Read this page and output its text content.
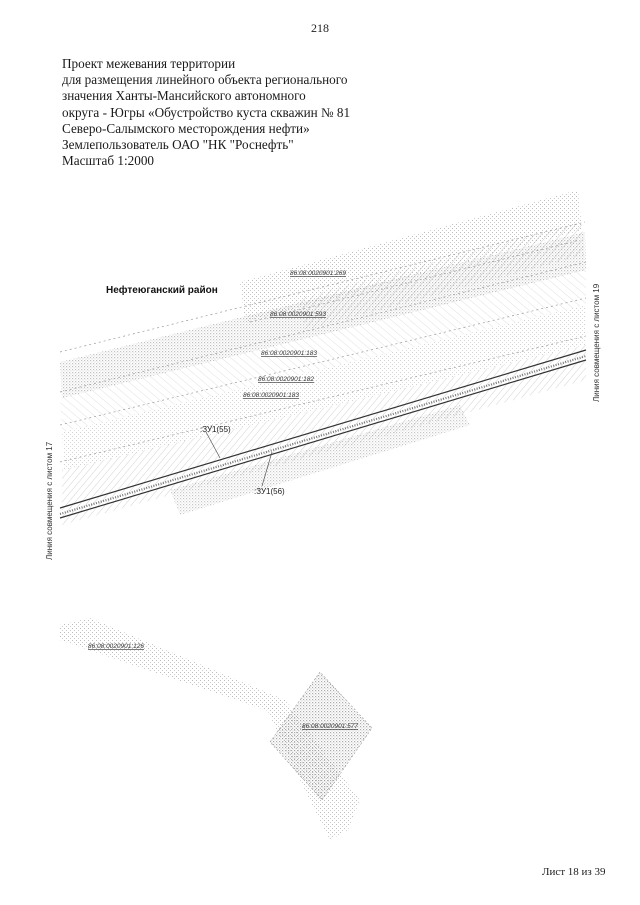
218
Проект межевания территории
для размещения линейного объекта регионального
значения Ханты-Мансийского автономного
округа - Югры «Обустройство куста скважин № 81
Северо-Салымского месторождения нефти»
Землепользователь ОАО "НК "Роснефть"
Масштаб 1:2000
Нефтеюганский район
Линия совмещения с листом 17
Линия совмещения с листом 19
86:08:0020901:269
86:08:0020901:593
86:08:0020901:183
86:08:0020901:182
86:08:0020901:183
86:08:0020901:126
86:08:0020901:577
:ЗУ1(55)
:ЗУ1(56)
Лист 18 из 39
